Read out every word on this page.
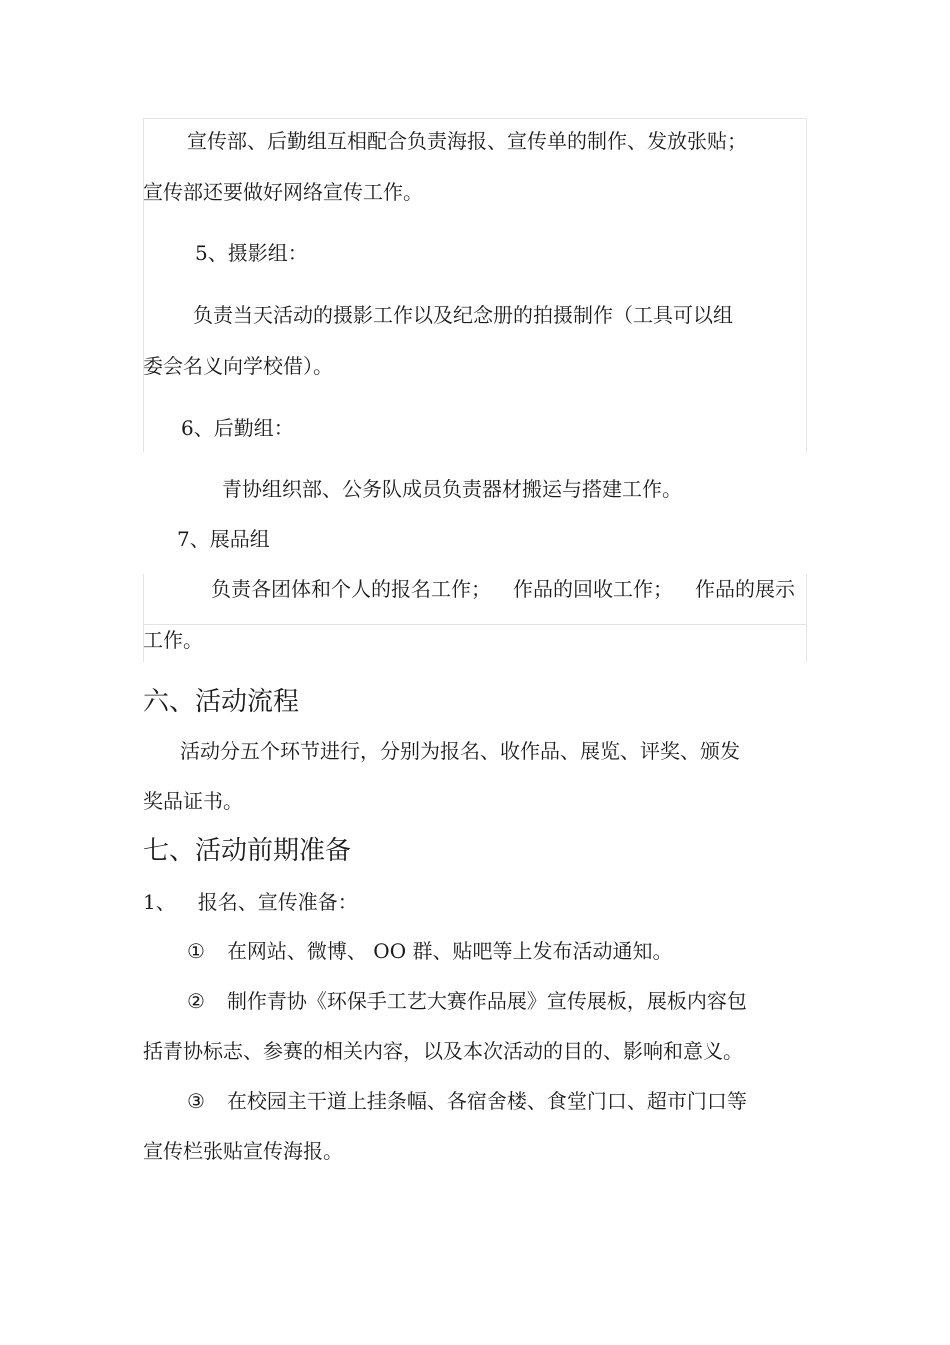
宣传部、后勤组互相配合负责海报、宣传单的制作、发放张贴；
宣传部还要做好网络宣传工作。
5、摄影组：
负责当天活动的摄影工作以及纪念册的拍摄制作（工具可以组
委会名义向学校借）。
6、后勤组：
青协组织部、公务队成员负责器材搬运与搭建工作。
7、展品组
负责各团体和个人的报名工作； 作品的回收工作； 作品的展示
工作。
六、活动流程
活动分五个环节进行，分别为报名、收作品、展览、评奖、颁发
奖品证书。
七、活动前期准备
1、 报名、宣传准备：
① 在网站、微博、 OO 群、贴吧等上发布活动通知。
② 制作青协《环保手工艺大赛作品展》宣传展板，展板内容包
括青协标志、参赛的相关内容，以及本次活动的目的、影响和意义。
③ 在校园主干道上挂条幅、各宿舍楼、食堂门口、超市门口等
宣传栏张贴宣传海报。
